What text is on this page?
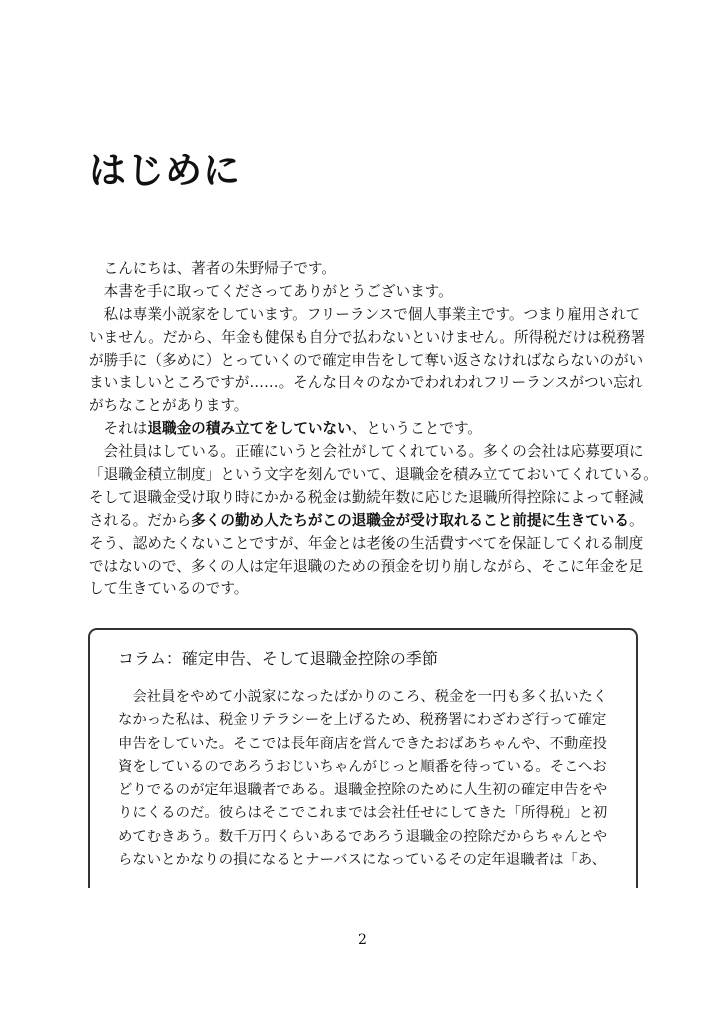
はじめに
　こんにちは、著者の朱野帰子です。
　本書を手に取ってくださってありがとうございます。
　私は専業小説家をしています。フリーランスで個人事業主です。つまり雇用されて
いません。だから、年金も健保も自分で払わないといけません。所得税だけは税務署
が勝手に（多めに）とっていくので確定申告をして奪い返さなければならないのがい
まいましいところですが……。そんな日々のなかでわれわれフリーランスがつい忘れ
がちなことがあります。
　それは退職金の積み立てをしていない、ということです。
　会社員はしている。正確にいうと会社がしてくれている。多くの会社は応募要項に
「退職金積立制度」という文字を刻んでいて、退職金を積み立てておいてくれている。
そして退職金受け取り時にかかる税金は勤続年数に応じた退職所得控除によって軽減
される。だから多くの勤め人たちがこの退職金が受け取れること前提に生きている。
そう、認めたくないことですが、年金とは老後の生活費すべてを保証してくれる制度
ではないので、多くの人は定年退職のための預金を切り崩しながら、そこに年金を足
して生きているのです。
コラム：確定申告、そして退職金控除の季節
　会社員をやめて小説家になったばかりのころ、税金を一円も多く払いたく
なかった私は、税金リテラシーを上げるため、税務署にわざわざ行って確定
申告をしていた。そこでは長年商店を営んできたおばあちゃんや、不動産投
資をしているのであろうおじいちゃんがじっと順番を待っている。そこへお
どりでるのが定年退職者である。退職金控除のために人生初の確定申告をや
りにくるのだ。彼らはそこでこれまでは会社任せにしてきた「所得税」と初
めてむきあう。数千万円くらいあるであろう退職金の控除だからちゃんとや
らないとかなりの損になるとナーバスになっているその定年退職者は「あ、
2
